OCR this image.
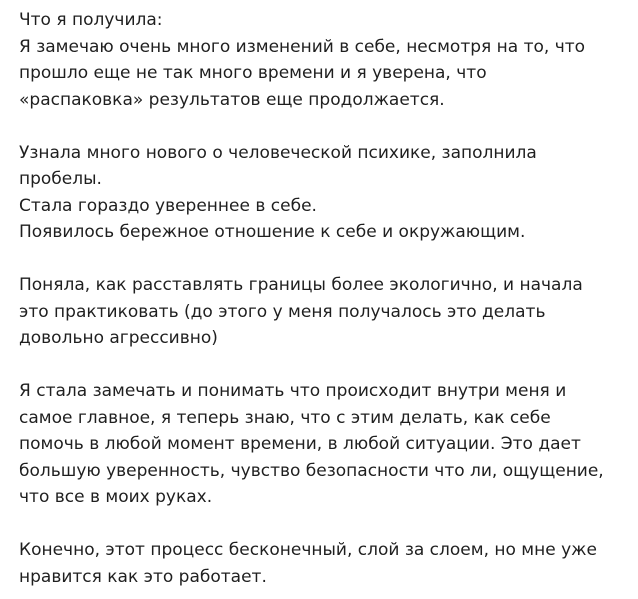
Что я получила:
Я замечаю очень много изменений в себе, несмотря на то, что
прошло еще не так много времени и я уверена, что
«распаковка» результатов еще продолжается.

Узнала много нового о человеческой психике, заполнила
пробелы.
Стала гораздо увереннее в себе.
Появилось бережное отношение к себе и окружающим.

Поняла, как расставлять границы более экологично, и начала
это практиковать (до этого у меня получалось это делать
довольно агрессивно)

Я стала замечать и понимать что происходит внутри меня и
самое главное, я теперь знаю, что с этим делать, как себе
помочь в любой момент времени, в любой ситуации. Это дает
большую уверенность, чувство безопасности что ли, ощущение,
что все в моих руках.

Конечно, этот процесс бесконечный, слой за слоем, но мне уже
нравится как это работает.
